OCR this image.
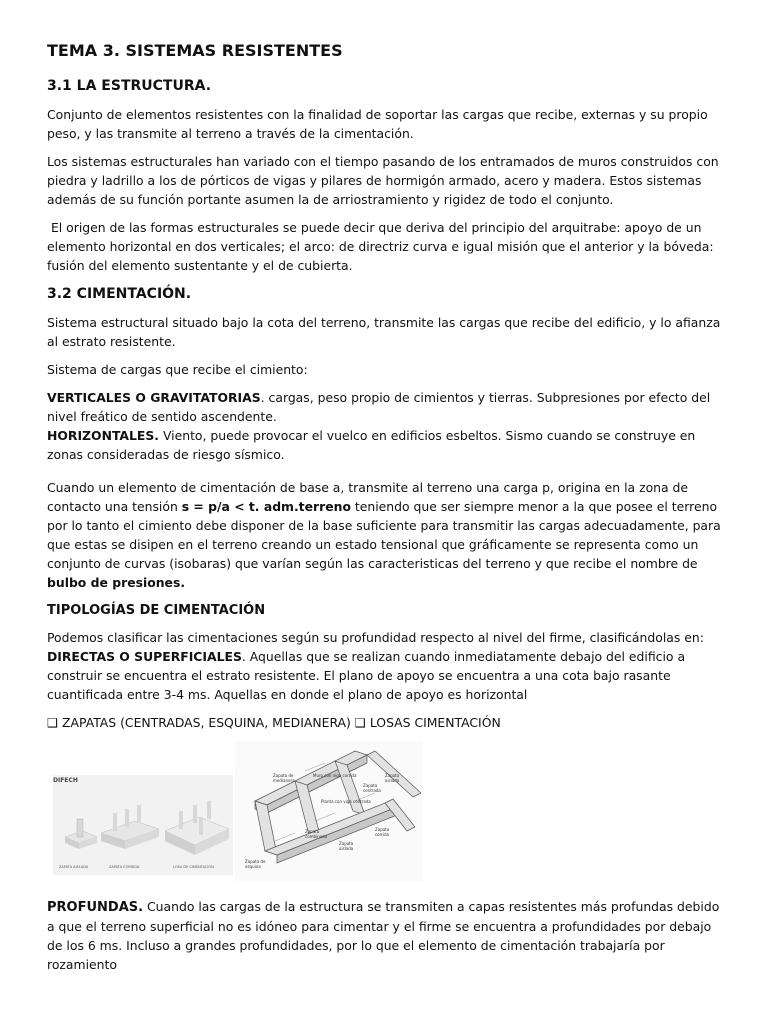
TEMA 3. SISTEMAS RESISTENTES
3.1 LA ESTRUCTURA.

Conjunto de elementos resistentes con la finalidad de soportar las cargas que recibe, externas y su propio peso, y las transmite al terreno a través de la cimentación.

Los sistemas estructurales han variado con el tiempo pasando de los entramados de muros construidos con piedra y ladrillo a los de pórticos de vigas y pilares de hormigón armado, acero y madera. Estos sistemas además de su función portante asumen la de arriostramiento y rigidez de todo el conjunto.

El origen de las formas estructurales se puede decir que deriva del principio del arquitrabe: apoyo de un elemento horizontal en dos verticales; el arco: de directriz curva e igual misión que el anterior y la bóveda: fusión del elemento sustentante y el de cubierta.

3.2 CIMENTACIÓN.

Sistema estructural situado bajo la cota del terreno, transmite las cargas que recibe del edificio, y lo afianza al estrato resistente.

Sistema de cargas que recibe el cimiento:

VERTICALES O GRAVITATORIAS. cargas, peso propio de cimientos y tierras. Subpresiones por efecto del nivel freático de sentido ascendente.

HORIZONTALES. Viento, puede provocar el vuelco en edificios esbeltos. Sismo cuando se construye en zonas consideradas de riesgo sísmico.

Cuando un elemento de cimentación de base a, transmite al terreno una carga p, origina en la zona de contacto una tensión s = p/a < t. adm.terreno teniendo que ser siempre menor a la que posee el terreno por lo tanto el cimiento debe disponer de la base suficiente para transmitir las cargas adecuadamente, para que estas se disipen en el terreno creando un estado tensional que gráficamente se representa como un conjunto de curvas (isobaras) que varían según las caracteristicas del terreno y que recibe el nombre de bulbo de presiones.

TIPOLOGÍAS DE CIMENTACIÓN

Podemos clasificar las cimentaciones según su profundidad respecto al nivel del firme, clasificándolas en:

DIRECTAS O SUPERFICIALES. Aquellas que se realizan cuando inmediatamente debajo del edificio a construir se encuentra el estrato resistente. El plano de apoyo se encuentra a una cota bajo rasante cuantificada entre 3-4 ms. Aquellas en donde el plano de apoyo es horizontal

❑ ZAPATAS (CENTRADAS, ESQUINA, MEDIANERA) ❑ LOSAS CIMENTACIÓN

DIFECH
ZAPATA AISLADA	ZAPATA CORRIDA	LOSA DE CIMENTACIÓN
Zapata de
medianera
Muro con viga corrida
Zapata
centrada
Planta con viga centrada
Zapata
combinada
Zapata
corrida
Zapata
aislada
Zapata de
esquina
Zapata
aislada

PROFUNDAS. Cuando las cargas de la estructura se transmiten a capas resistentes más profundas debido a que el terreno superficial no es idóneo para cimentar y el firme se encuentra a profundidades por debajo de los 6 ms. Incluso a grandes profundidades, por lo que el elemento de cimentación trabajaría por rozamiento
